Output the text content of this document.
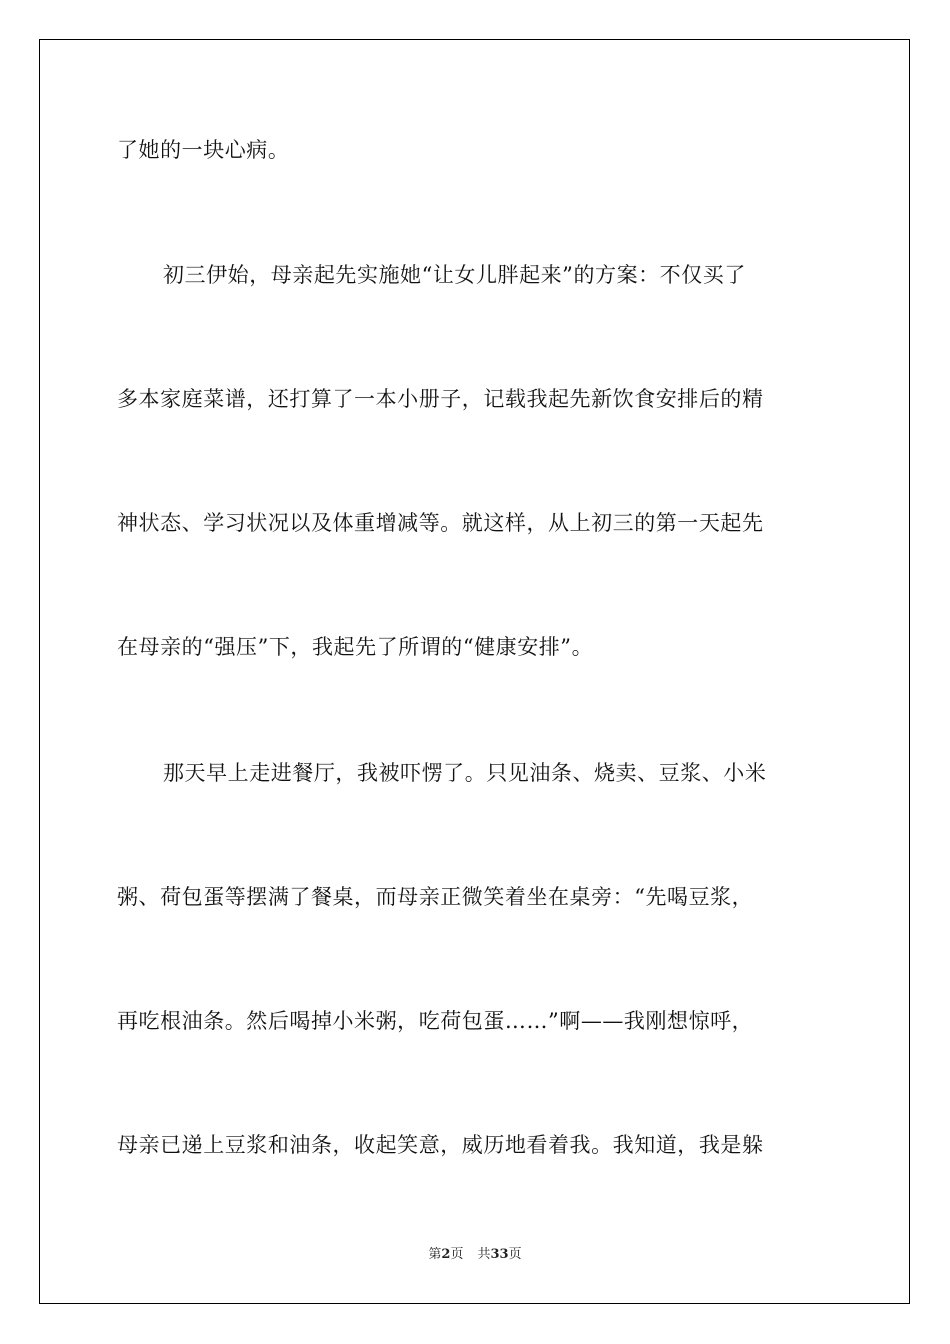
了她的一块心病。
初三伊始，母亲起先实施她“让女儿胖起来”的方案：不仅买了
多本家庭菜谱，还打算了一本小册子，记载我起先新饮食安排后的精
神状态、学习状况以及体重增减等。就这样，从上初三的第一天起先
在母亲的“强压”下，我起先了所谓的“健康安排”。
那天早上走进餐厅，我被吓愣了。只见油条、烧卖、豆浆、小米
粥、荷包蛋等摆满了餐桌，而母亲正微笑着坐在桌旁：“先喝豆浆，
再吃根油条。然后喝掉小米粥，吃荷包蛋……”啊——我刚想惊呼，
母亲已递上豆浆和油条，收起笑意，威历地看着我。我知道，我是躲
第2页 共33页
